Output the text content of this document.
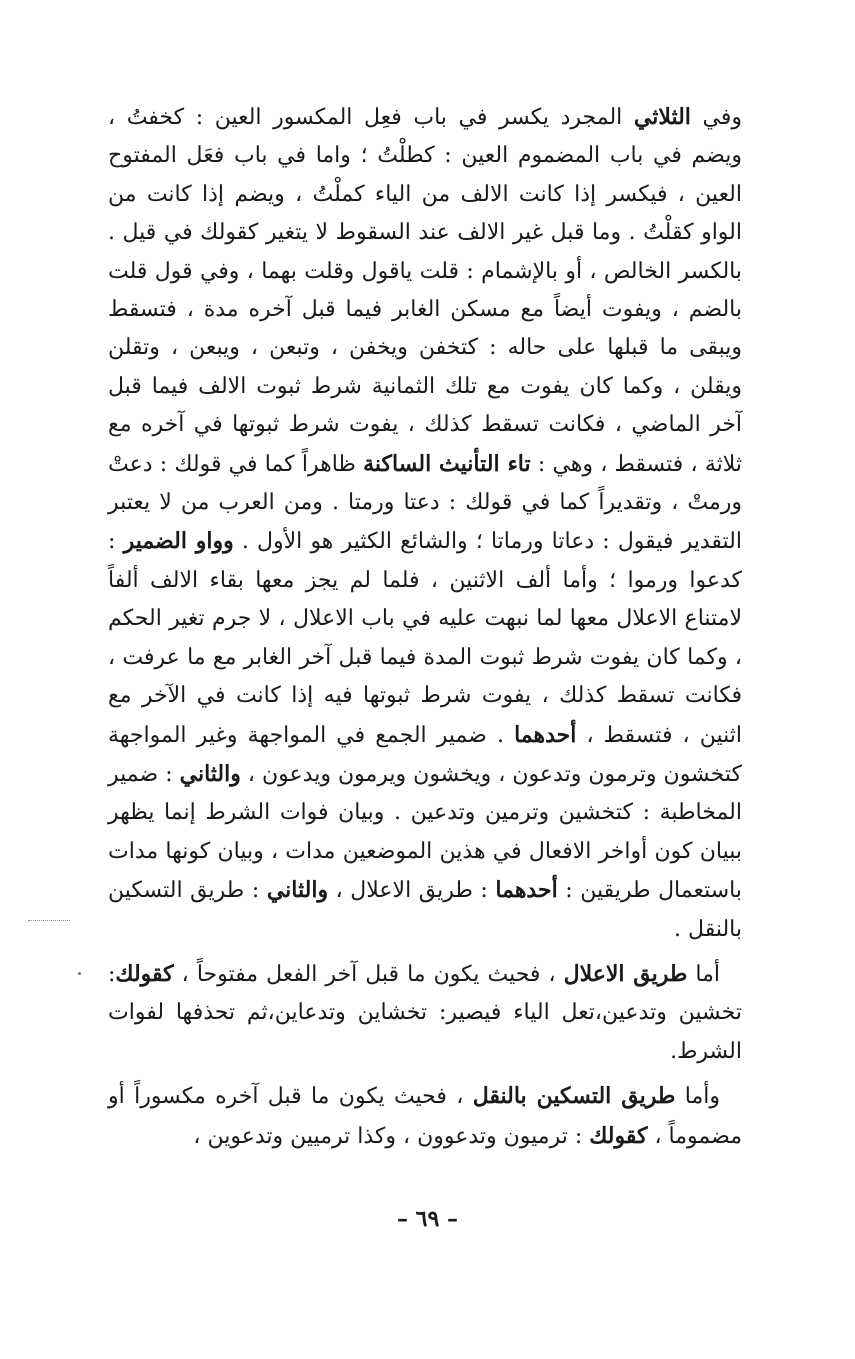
وفي الثلاثي المجرد يكسر في باب فعِل المكسور العين : كخفتُ ، ويضم في باب المضموم العين : كطلْتُ ؛ واما في باب فعَل المفتوح العين ، فيكسر إذا كانت الالف من الياء كملْتُ ، ويضم إذا كانت من الواو كقلْتُ . وما قبل غير الالف عند السقوط لا يتغير كقولك في قيل . بالكسر الخالص ، أو بالإشمام : قلت ياقول وقلت بهما ، وفي قول قلت بالضم ، ويفوت أيضاً مع مسكن الغابر فيما قبل آخره مدة ، فتسقط ويبقى ما قبلها على حاله : كتخفن ويخفن ، وتبعن ، ويبعن ، وتقلن ويقلن ، وكما كان يفوت مع تلك الثمانية شرط ثبوت الالف فيما قبل آخر الماضي ، فكانت تسقط كذلك ، يفوت شرط ثبوتها في آخره مع ثلاثة ، فتسقط ، وهي : تاء التأنيث الساكنة ظاهراً كما في قولك : دعتْ ورمتْ ، وتقديراً كما في قولك : دعتا ورمتا . ومن العرب من لا يعتبر التقدير فيقول : دعاتا ورماتا ؛ والشائع الكثير هو الأول . وواو الضمير : كدعوا ورموا ؛ وأما ألف الاثنين ، فلما لم يجز معها بقاء الالف ألفاً لامتناع الاعلال معها لما نبهت عليه في باب الاعلال ، لا جرم تغير الحكم ، وكما كان يفوت شرط ثبوت المدة فيما قبل آخر الغابر مع ما عرفت ، فكانت تسقط كذلك ، يفوت شرط ثبوتها فيه إذا كانت في الآخر مع اثنين ، فتسقط ، أحدهما . ضمير الجمع في المواجهة وغير المواجهة كتخشون وترمون وتدعون ، ويخشون ويرمون ويدعون ، والثاني : ضمير المخاطبة : كتخشين وترمين وتدعين . وبيان فوات الشرط إنما يظهر ببيان كون أواخر الافعال في هذين الموضعين مدات ، وبيان كونها مدات باستعمال طريقين : أحدهما : طريق الاعلال ، والثاني : طريق التسكين بالنقل .

أما طريق الاعلال ، فحيث يكون ما قبل آخر الفعل مفتوحاً ، كقولك: تخشين وتدعين،تعل الياء فيصير: تخشاين وتدعاين،ثم تحذفها لفوات الشرط.

وأما طريق التسكين بالنقل ، فحيث يكون ما قبل آخره مكسوراً أو مضموماً ، كقولك : ترميون وتدعوون ، وكذا ترميين وتدعوين ،

– ٦٩ –
